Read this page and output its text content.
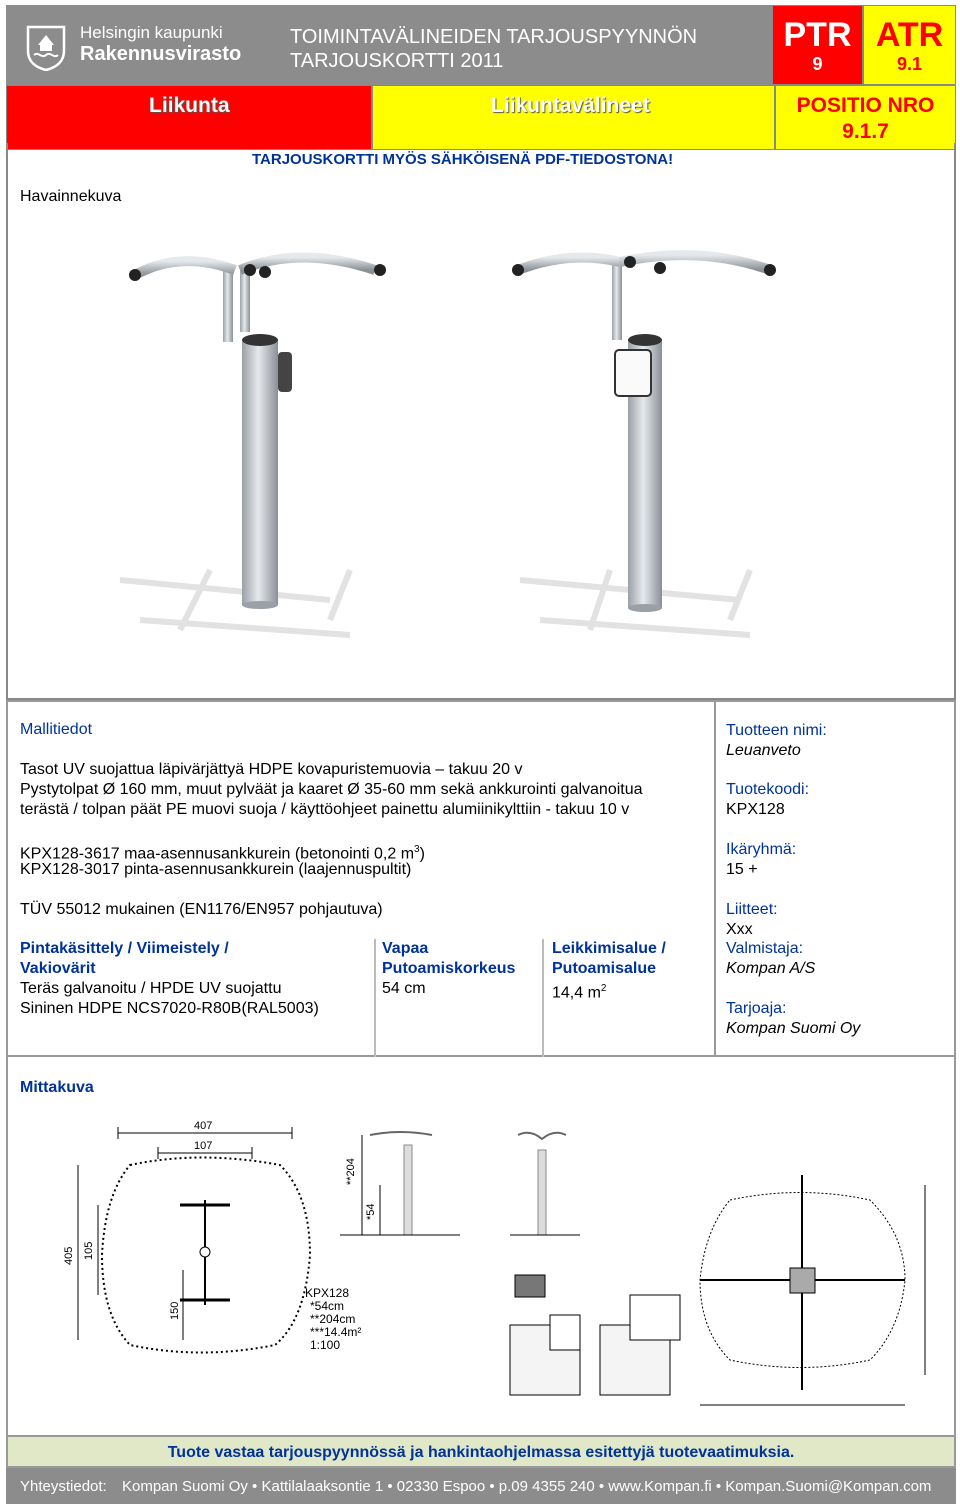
Helsingin kaupunki
Rakennusvirasto
TOIMINTAVÄLINEIDEN TARJOUSPYYNNÖN
TARJOUSKORTTI 2011
PTR
9
ATR
9.1
Liikunta	Liikuntavälineet	POSITIO NRO
9.1.7
TARJOUSKORTTI MYÖS SÄHKÖISENÄ PDF-TIEDOSTONA!
Havainnekuva
Mallitiedot
Tasot UV suojattua läpivärjättyä HDPE kovapuristemuovia – takuu 20 v
Pystytolpat Ø 160 mm, muut pylväät ja kaaret Ø 35-60 mm sekä ankkurointi galvanoitua
terästä / tolpan päät PE muovi suoja / käyttöohjeet painettu alumiinikylttiin - takuu 10 v
KPX128-3617 maa-asennusankkurein (betonointi 0,2 $m^3$)
KPX128-3017 pinta-asennusankkurein (laajennuspultit)
TÜV 55012 mukainen (EN1176/EN957 pohjautuva)
Pintakäsittely / Viimeistely /
Vakiovärit
Teräs galvanoitu / HPDE UV suojattu
Sininen HDPE NCS7020-R80B(RAL5003)
Vapaa
Putoamiskorkeus
54 cm
Leikkimisalue /
Putoamisalue
14,4 $m^2$
Tuotteen nimi:
Leuanveto
Tuotekoodi:
KPX128
Ikäryhmä:
15 +
Liitteet:
Xxx
Valmistaja:
Kompan A/S
Tarjoaja:
Kompan Suomi Oy
Mittakuva
407
107
405 105
150
KPX128
*54cm
**204cm
***14.4m²
1:100
**204
*54
Tuote vastaa tarjouspyynnössä ja hankintaohjelmassa esitettyjä tuotevaatimuksia.
Yhteystiedot: Kompan Suomi Oy • Kattilalaaksontie 1 • 02330 Espoo • p.09 4355 240 • www.Kompan.fi • Kompan.Suomi@Kompan.com
